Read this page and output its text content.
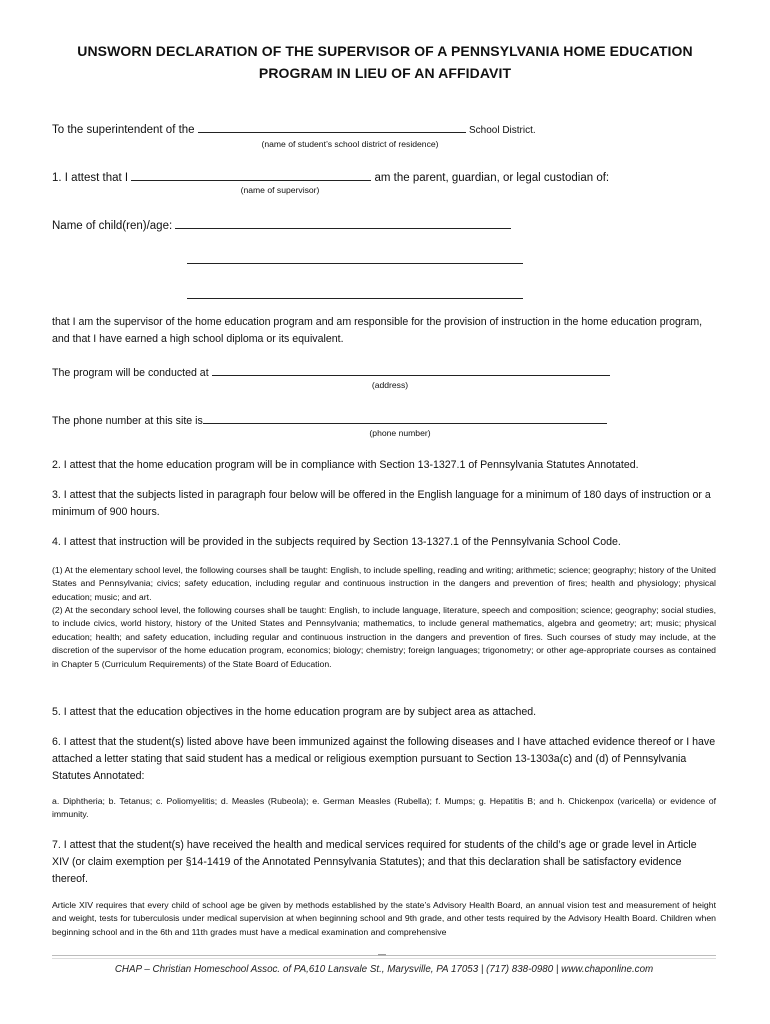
UNSWORN DECLARATION OF THE SUPERVISOR OF A PENNSYLVANIA HOME EDUCATION PROGRAM IN LIEU OF AN AFFIDAVIT
To the superintendent of the	School District.
(name of student’s school district of residence)
1. I attest that I	am the parent, guardian, or legal custodian of:
(name of supervisor)
Name of child(ren)/age:
that I am the supervisor of the home education program and am responsible for the provision of instruction in the home education program, and that I have earned a high school diploma or its equivalent.
The program will be conducted at
(address)
The phone number at this site is
(phone number)
2. I attest that the home education program will be in compliance with Section 13-1327.1 of Pennsylvania Statutes Annotated.
3. I attest that the subjects listed in paragraph four below will be offered in the English language for a minimum of 180 days of instruction or a minimum of 900 hours.
4. I attest that instruction will be provided in the subjects required by Section 13-1327.1 of the Pennsylvania School Code.
(1) At the elementary school level, the following courses shall be taught: English, to include spelling, reading and writing; arithmetic; science; geography; history of the United States and Pennsylvania; civics; safety education, including regular and continuous instruction in the dangers and prevention of fires; health and physiology; physical education; music; and art.
(2) At the secondary school level, the following courses shall be taught: English, to include language, literature, speech and composition; science; geography; social studies, to include civics, world history, history of the United States and Pennsylvania; mathematics, to include general mathematics, algebra and geometry; art; music; physical education; health; and safety education, including regular and continuous instruction in the dangers and prevention of fires. Such courses of study may include, at the discretion of the supervisor of the home education program, economics; biology; chemistry; foreign languages; trigonometry; or other age-appropriate courses as contained in Chapter 5 (Curriculum Requirements) of the State Board of Education.
5. I attest that the education objectives in the home education program are by subject area as attached.
6. I attest that the student(s) listed above have been immunized against the following diseases and I have attached evidence thereof or I have attached a letter stating that said student has a medical or religious exemption pursuant to Section 13-1303a(c) and (d) of Pennsylvania Statutes Annotated:
a. Diphtheria; b. Tetanus; c. Poliomyelitis; d. Measles (Rubeola); e. German Measles (Rubella); f. Mumps; g. Hepatitis B; and h. Chickenpox (varicella) or evidence of immunity.
7. I attest that the student(s) have received the health and medical services required for students of the child’s age or grade level in Article XIV (or claim exemption per §14-1419 of the Annotated Pennsylvania Statutes); and that this declaration shall be satisfactory evidence thereof.
Article XIV requires that every child of school age be given by methods established by the state’s Advisory Health Board, an annual vision test and measurement of height and weight, tests for tuberculosis under medical supervision at when beginning school and 9th grade, and other tests required by the Advisory Health Board. Children when beginning school and in the 6th and 11th grades must have a medical examination and comprehensive
—
CHAP – Christian Homeschool Assoc. of PA,610 Lansvale St., Marysville, PA 17053 | (717) 838-0980 | www.chaponline.com
